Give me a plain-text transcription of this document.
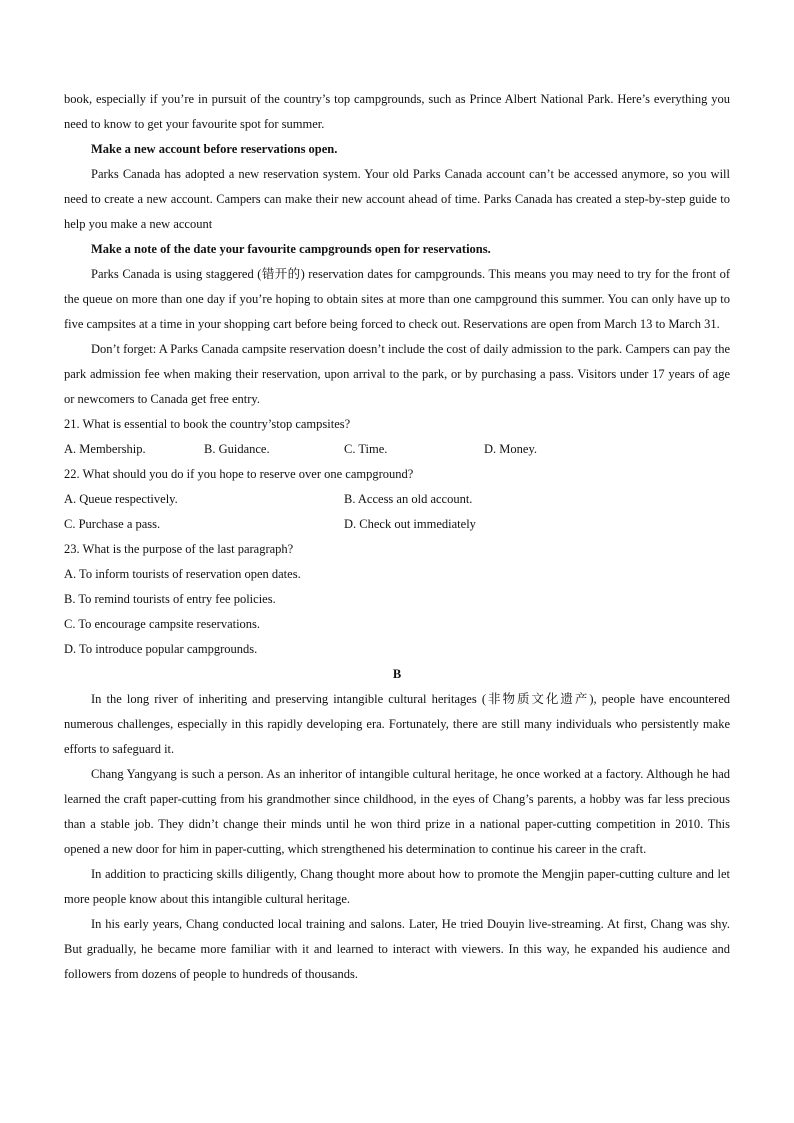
book, especially if you’re in pursuit of the country’s top campgrounds, such as Prince Albert National Park. Here’s everything you need to know to get your favourite spot for summer.

Make a new account before reservations open.

Parks Canada has adopted a new reservation system. Your old Parks Canada account can’t be accessed anymore, so you will need to create a new account. Campers can make their new account ahead of time. Parks Canada has created a step-by-step guide to help you make a new account

Make a note of the date your favourite campgrounds open for reservations.

Parks Canada is using staggered (错开的) reservation dates for campgrounds. This means you may need to try for the front of the queue on more than one day if you’re hoping to obtain sites at more than one campground this summer. You can only have up to five campsites at a time in your shopping cart before being forced to check out. Reservations are open from March 13 to March 31.

Don’t forget: A Parks Canada campsite reservation doesn’t include the cost of daily admission to the park. Campers can pay the park admission fee when making their reservation, upon arrival to the park, or by purchasing a pass. Visitors under 17 years of age or newcomers to Canada get free entry.

21. What is essential to book the country’stop campsites?

A. Membership.	B. Guidance.	C. Time.	D. Money.

22. What should you do if you hope to reserve over one campground?

A. Queue respectively.	B. Access an old account.
C. Purchase a pass.	D. Check out immediately

23. What is the purpose of the last paragraph?

A. To inform tourists of reservation open dates.

B. To remind tourists of entry fee policies.

C. To encourage campsite reservations.

D. To introduce popular campgrounds.

B

In the long river of inheriting and preserving intangible cultural heritages (非物质文化遗产), people have encountered numerous challenges, especially in this rapidly developing era. Fortunately, there are still many individuals who persistently make efforts to safeguard it.

Chang Yangyang is such a person. As an inheritor of intangible cultural heritage, he once worked at a factory. Although he had learned the craft paper-cutting from his grandmother since childhood, in the eyes of Chang’s parents, a hobby was far less precious than a stable job. They didn’t change their minds until he won third prize in a national paper-cutting competition in 2010. This opened a new door for him in paper-cutting, which strengthened his determination to continue his career in the craft.

In addition to practicing skills diligently, Chang thought more about how to promote the Mengjin paper-cutting culture and let more people know about this intangible cultural heritage.

In his early years, Chang conducted local training and salons. Later, He tried Douyin live-streaming. At first, Chang was shy. But gradually, he became more familiar with it and learned to interact with viewers. In this way, he expanded his audience and followers from dozens of people to hundreds of thousands.
